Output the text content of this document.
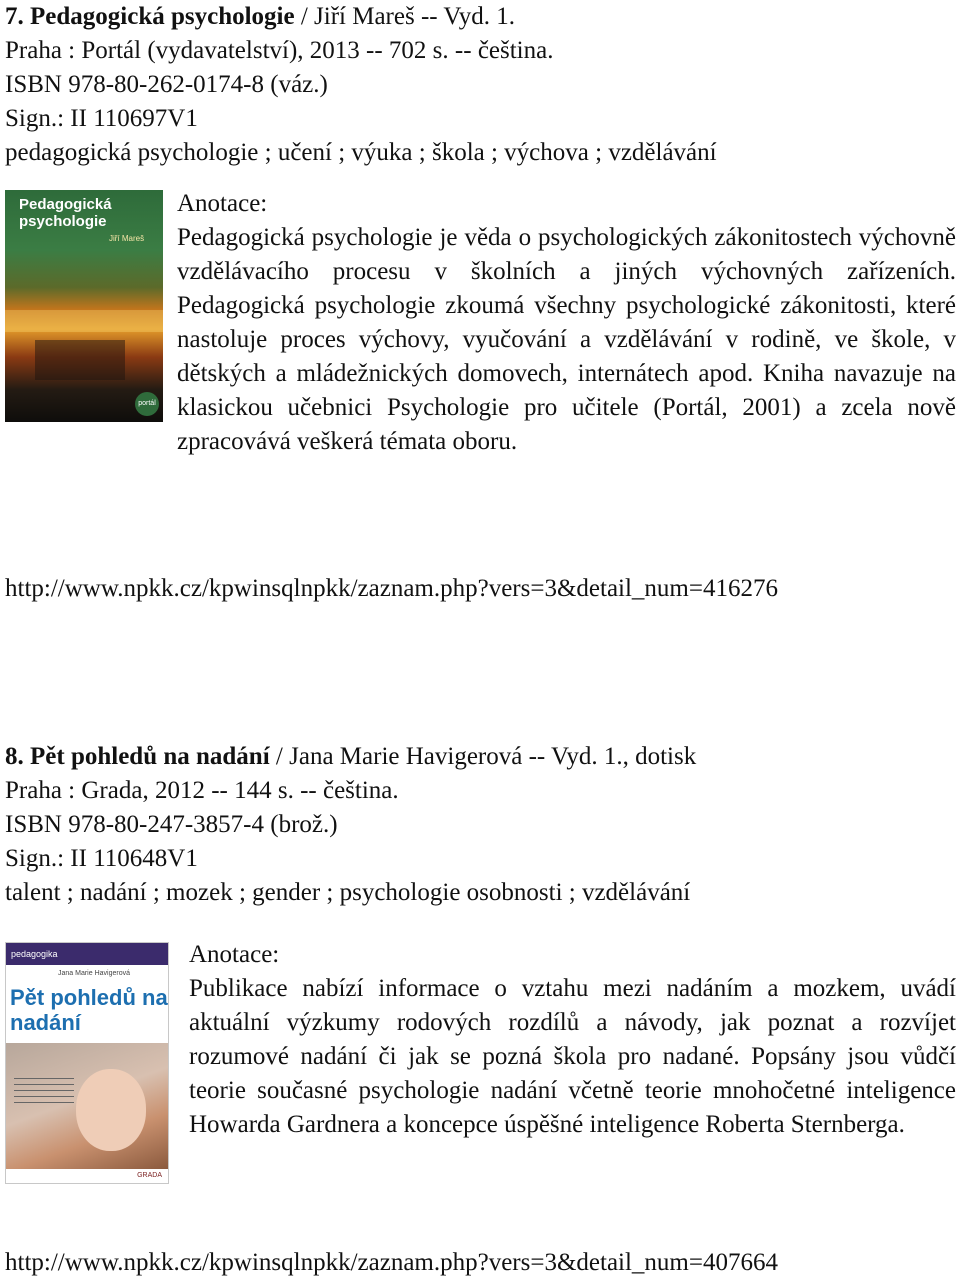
7. Pedagogická psychologie / Jiří Mareš -- Vyd. 1.

Praha : Portál (vydavatelství), 2013 -- 702 s. -- čeština.

ISBN 978-80-262-0174-8 (váz.)

Sign.: II 110697V1

pedagogická psychologie ; učení ; výuka ; škola ; výchova ; vzdělávání

Pedagogická psychologie
Jiří Mareš
portál
Anotace:
Pedagogická psychologie je věda o psychologických zákonitostech výchovně vzdělávacího procesu v školních a jiných výchovných zařízeních. Pedagogická psychologie zkoumá všechny psychologické zákonitosti, které nastoluje proces výchovy, vyučování a vzdělávání v rodině, ve škole, v dětských a mládežnických domovech, internátech apod. Kniha navazuje na klasickou učebnici Psychologie pro učitele (Portál, 2001) a zcela nově zpracovává veškerá témata oboru.

http://www.npkk.cz/kpwinsqlnpkk/zaznam.php?vers=3&detail_num=416276

8. Pět pohledů na nadání / Jana Marie Havigerová -- Vyd. 1., dotisk

Praha : Grada, 2012 -- 144 s. -- čeština.

ISBN 978-80-247-3857-4 (brož.)

Sign.: II 110648V1

talent ; nadání ; mozek ; gender ; psychologie osobnosti ; vzdělávání

pedagogika
Jana Marie Havigerová
Pět pohledů na nadání
GRADA
Anotace:
Publikace nabízí informace o vztahu mezi nadáním a mozkem, uvádí aktuální výzkumy rodových rozdílů a návody, jak poznat a rozvíjet rozumové nadání či jak se pozná škola pro nadané. Popsány jsou vůdčí teorie současné psychologie nadání včetně teorie mnohočetné inteligence Howarda Gardnera a koncepce úspěšné inteligence Roberta Sternberga.

http://www.npkk.cz/kpwinsqlnpkk/zaznam.php?vers=3&detail_num=407664
